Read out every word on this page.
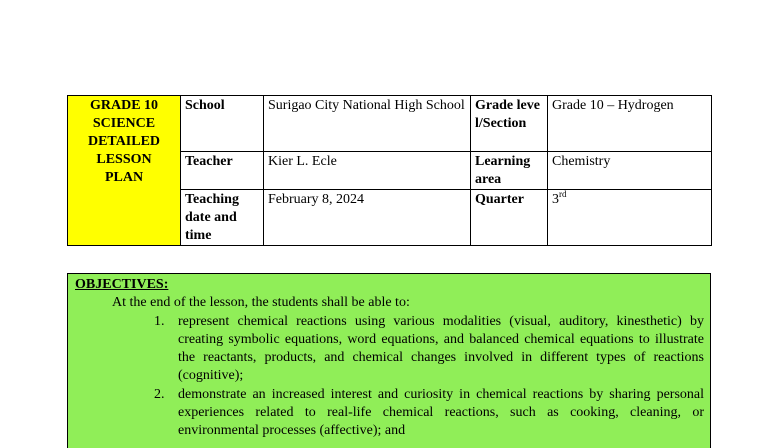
GRADE 10
SCIENCE
DETAILED
LESSON
PLAN	School	Surigao City National High School	Grade level/Section	Grade 10 – Hydrogen
	Teacher	Kier L. Ecle	Learning area	Chemistry
	Teaching date and time	February 8, 2024	Quarter	3rd
OBJECTIVES:
At the end of the lesson, the students shall be able to:
1. represent chemical reactions using various modalities (visual, auditory, kinesthetic) by creating symbolic equations, word equations, and balanced chemical equations to illustrate the reactants, products, and chemical changes involved in different types of reactions (cognitive);
2. demonstrate an increased interest and curiosity in chemical reactions by sharing personal experiences related to real-life chemical reactions, such as cooking, cleaning, or environmental processes (affective); and
